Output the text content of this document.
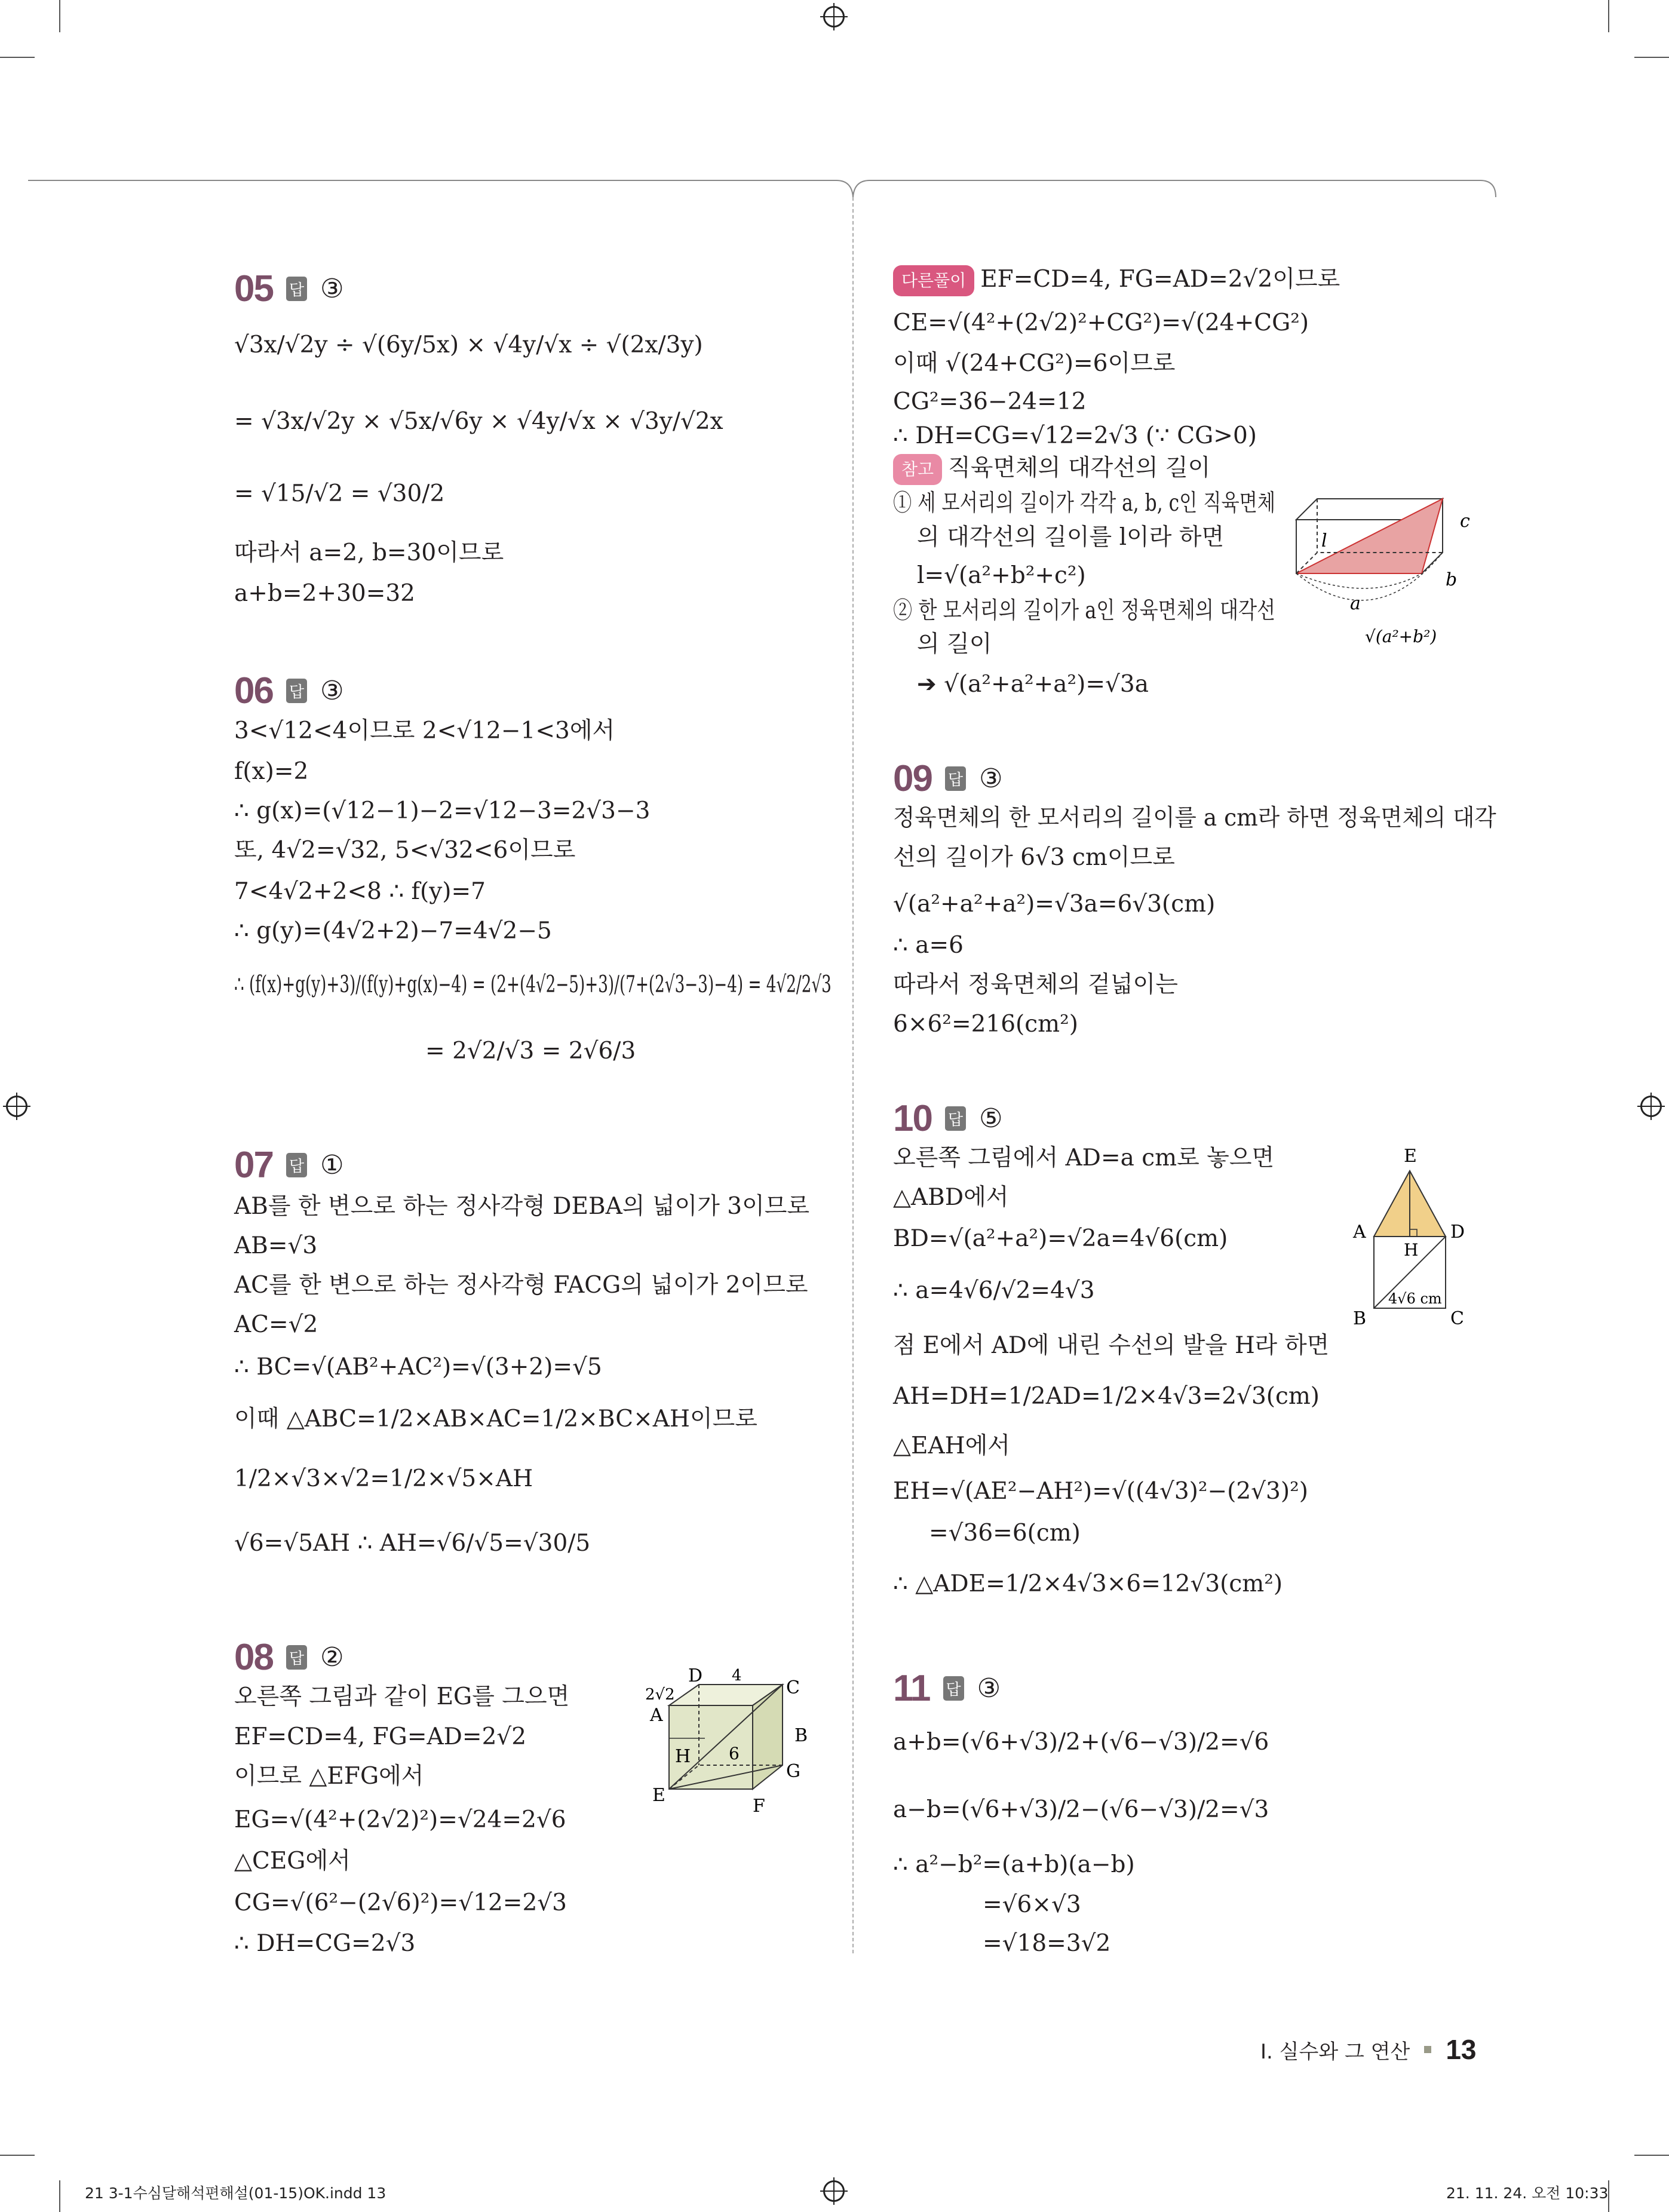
05 답 ③
√3x/√2y ÷ √(6y/5x) × √4y/√x ÷ √(2x/3y)
= √3x/√2y × √5x/√6y × √4y/√x × √3y/√2x
= √15/√2 = √30/2
따라서 a=2, b=30이므로
a+b=2+30=32
06 답 ③
3<√12<4이므로 2<√12−1<3에서
f(x)=2
∴ g(x)=(√12−1)−2=√12−3=2√3−3
또, 4√2=√32, 5<√32<6이므로
7<4√2+2<8 ∴ f(y)=7
∴ g(y)=(4√2+2)−7=4√2−5
∴ (f(x)+g(y)+3)/(f(y)+g(x)−4) = (2+(4√2−5)+3)/(7+(2√3−3)−4) = 4√2/2√3
= 2√2/√3 = 2√6/3
07 답 ①
AB를 한 변으로 하는 정사각형 DEBA의 넓이가 3이므로
AB=√3
AC를 한 변으로 하는 정사각형 FACG의 넓이가 2이므로
AC=√2
∴ BC=√(AB²+AC²)=√(3+2)=√5
이때 △ABC=1/2×AB×AC=1/2×BC×AH이므로
1/2×√3×√2=1/2×√5×AH
√6=√5AH ∴ AH=√6/√5=√30/5
08 답 ②
오른쪽 그림과 같이 EG를 그으면
EF=CD=4, FG=AD=2√2
이므로 △EFG에서
EG=√(4²+(2√2)²)=√24=2√6
△CEG에서
CG=√(6²−(2√6)²)=√12=2√3
∴ DH=CG=2√3
다른풀이 EF=CD=4, FG=AD=2√2이므로
CE=√(4²+(2√2)²+CG²)=√(24+CG²)
이때 √(24+CG²)=6이므로
CG²=36−24=12
∴ DH=CG=√12=2√3 (∵ CG>0)
참고 직육면체의 대각선의 길이
① 세 모서리의 길이가 각각 a, b, c인 직육면체
의 대각선의 길이를 l이라 하면
l=√(a²+b²+c²)
② 한 모서리의 길이가 a인 정육면체의 대각선
의 길이
➔ √(a²+a²+a²)=√3a
09 답 ③
정육면체의 한 모서리의 길이를 a cm라 하면 정육면체의 대각
선의 길이가 6√3 cm이므로
√(a²+a²+a²)=√3a=6√3(cm)
∴ a=6
따라서 정육면체의 겉넓이는
6×6²=216(cm²)
10 답 ⑤
오른쪽 그림에서 AD=a cm로 놓으면
△ABD에서
BD=√(a²+a²)=√2a=4√6(cm)
∴ a=4√6/√2=4√3
점 E에서 AD에 내린 수선의 발을 H라 하면
AH=DH=1/2AD=1/2×4√3=2√3(cm)
△EAH에서
EH=√(AE²−AH²)=√((4√3)²−(2√3)²)
=√36=6(cm)
∴ △ADE=1/2×4√3×6=12√3(cm²)
11 답 ③
a+b=(√6+√3)/2+(√6−√3)/2=√6
a−b=(√6+√3)/2−(√6−√3)/2=√3
∴ a²−b²=(a+b)(a−b)
=√6×√3
=√18=3√2
D
C
A
B
H
G
E
F
4
2√2
6
l
a
b
c
√(a²+b²)
E
A	D
H
B	C
4√6 cm
Ⅰ. 실수와 그 연산 13
21 3-1수심달해석편해설(01-15)OK.indd 13	21. 11. 24. 오전 10:33
